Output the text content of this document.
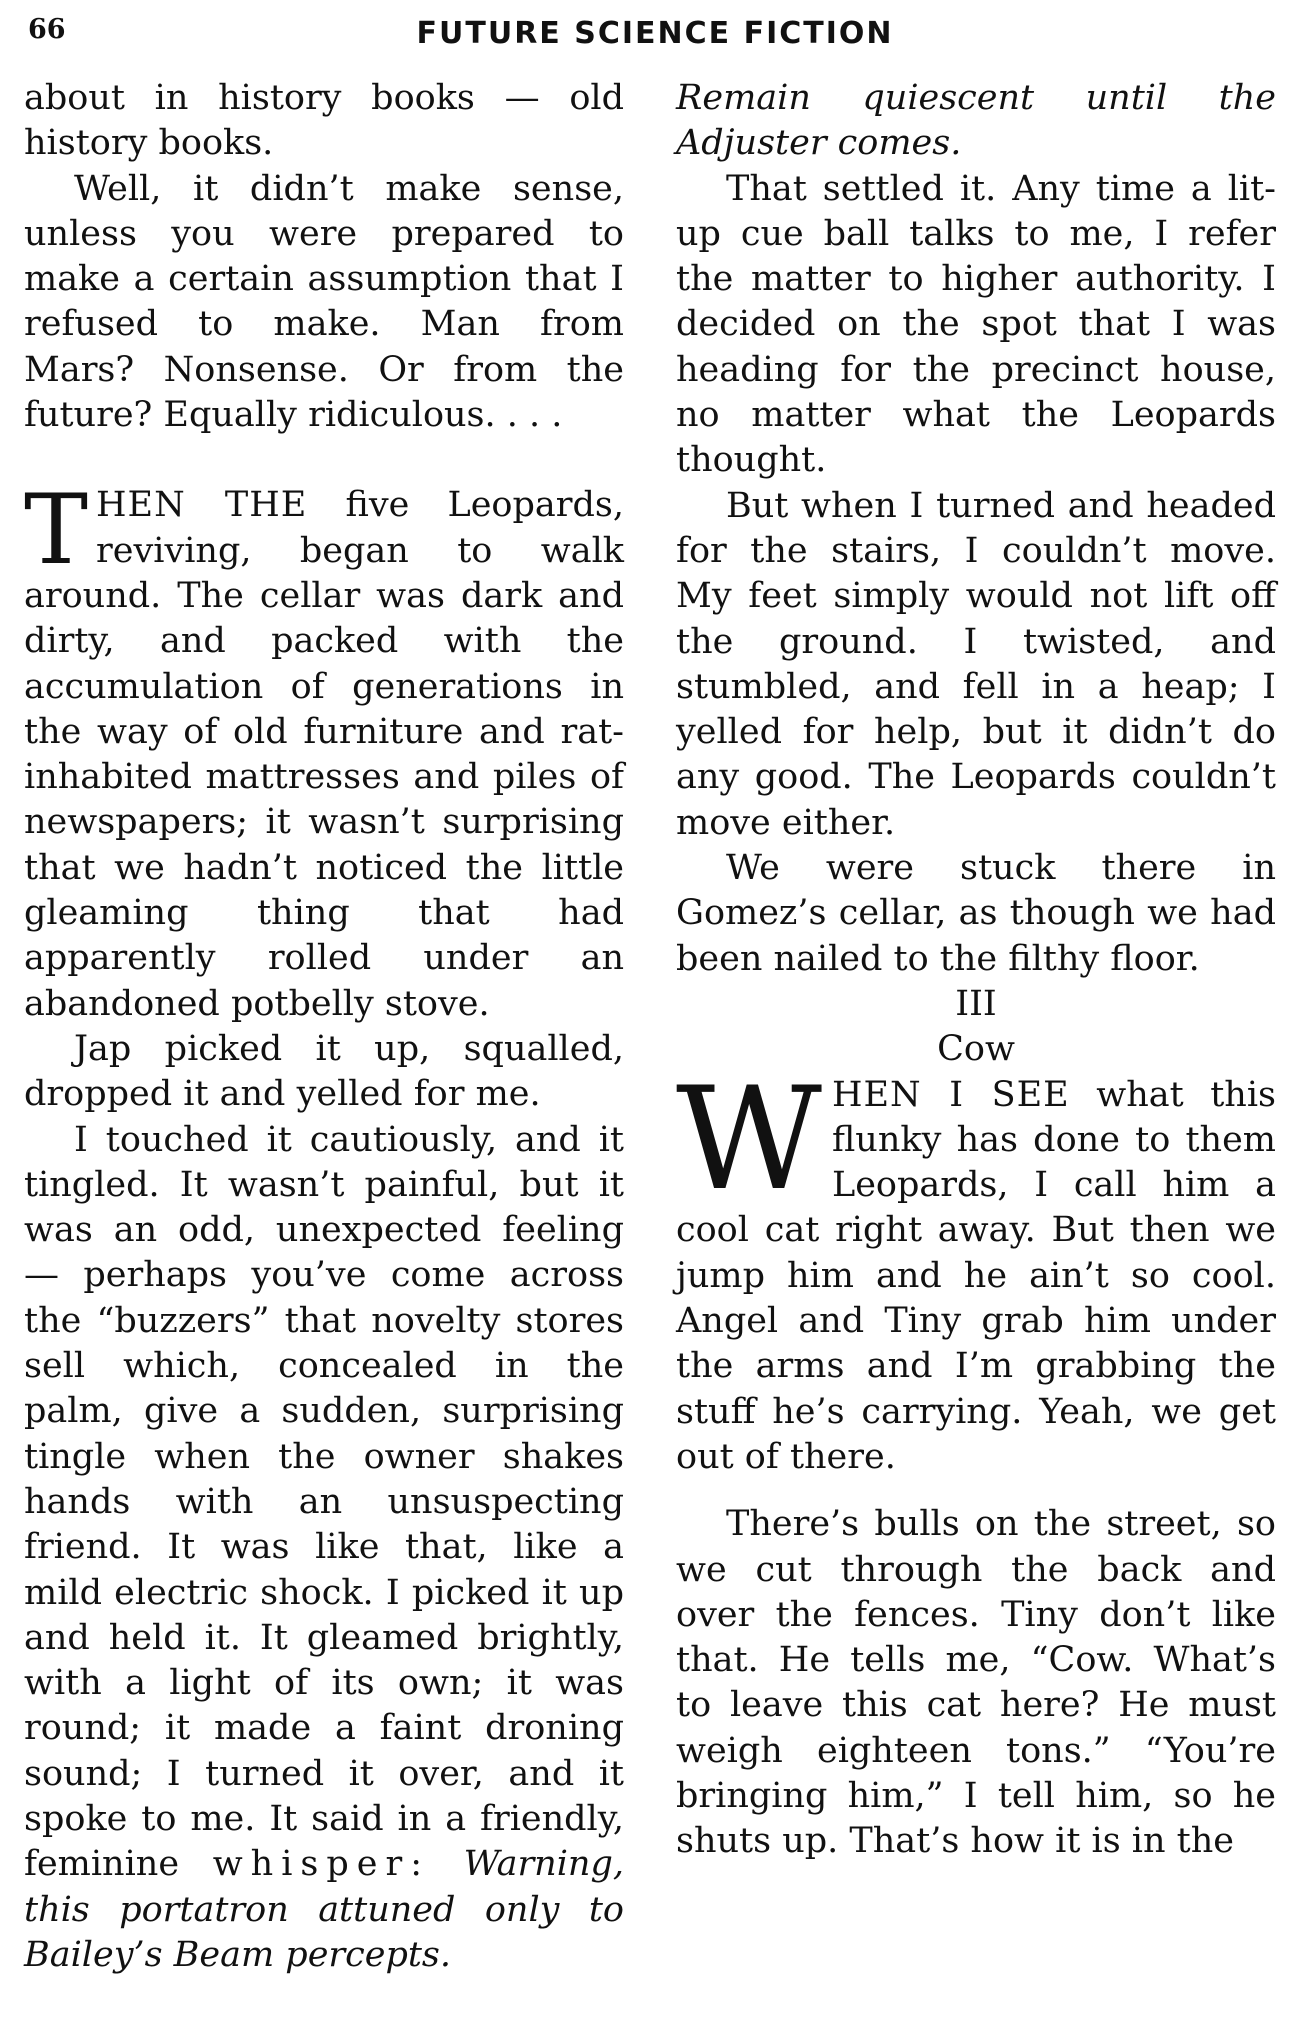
66	FUTURE SCIENCE FICTION

about in history books — old history books.

Well, it didn’t make sense, unless you were prepared to make a certain assumption that I refused to make. Man from Mars? Nonsense. Or from the future? Equally ridiculous. . . .

THEN THE five Leopards, reviving, began to walk around. The cellar was dark and dirty, and packed with the accumulation of generations in the way of old furniture and rat-inhabited mattresses and piles of newspapers; it wasn’t surprising that we hadn’t noticed the little gleaming thing that had apparently rolled under an abandoned potbelly stove.

Jap picked it up, squalled, dropped it and yelled for me.

I touched it cautiously, and it tingled. It wasn’t painful, but it was an odd, unexpected feeling — perhaps you’ve come across the “buzzers” that novelty stores sell which, concealed in the palm, give a sudden, surprising tingle when the owner shakes hands with an unsuspecting friend. It was like that, like a mild electric shock. I picked it up and held it. It gleamed brightly, with a light of its own; it was round; it made a faint droning sound; I turned it over, and it spoke to me. It said in a friendly, feminine whisper: Warning, this portatron attuned only to Bailey’s Beam percepts.

Remain quiescent until the Adjuster comes.

That settled it. Any time a lit-up cue ball talks to me, I refer the matter to higher authority. I decided on the spot that I was heading for the precinct house, no matter what the Leopards thought.

But when I turned and headed for the stairs, I couldn’t move. My feet simply would not lift off the ground. I twisted, and stumbled, and fell in a heap; I yelled for help, but it didn’t do any good. The Leopards couldn’t move either.

We were stuck there in Gomez’s cellar, as though we had been nailed to the filthy floor.

III

Cow

WHEN I SEE what this flunky has done to them Leopards, I call him a cool cat right away. But then we jump him and he ain’t so cool. Angel and Tiny grab him under the arms and I’m grabbing the stuff he’s carrying. Yeah, we get out of there.

There’s bulls on the street, so we cut through the back and over the fences. Tiny don’t like that. He tells me, “Cow. What’s to leave this cat here? He must weigh eighteen tons.” “You’re bringing him,” I tell him, so he shuts up. That’s how it is in the
